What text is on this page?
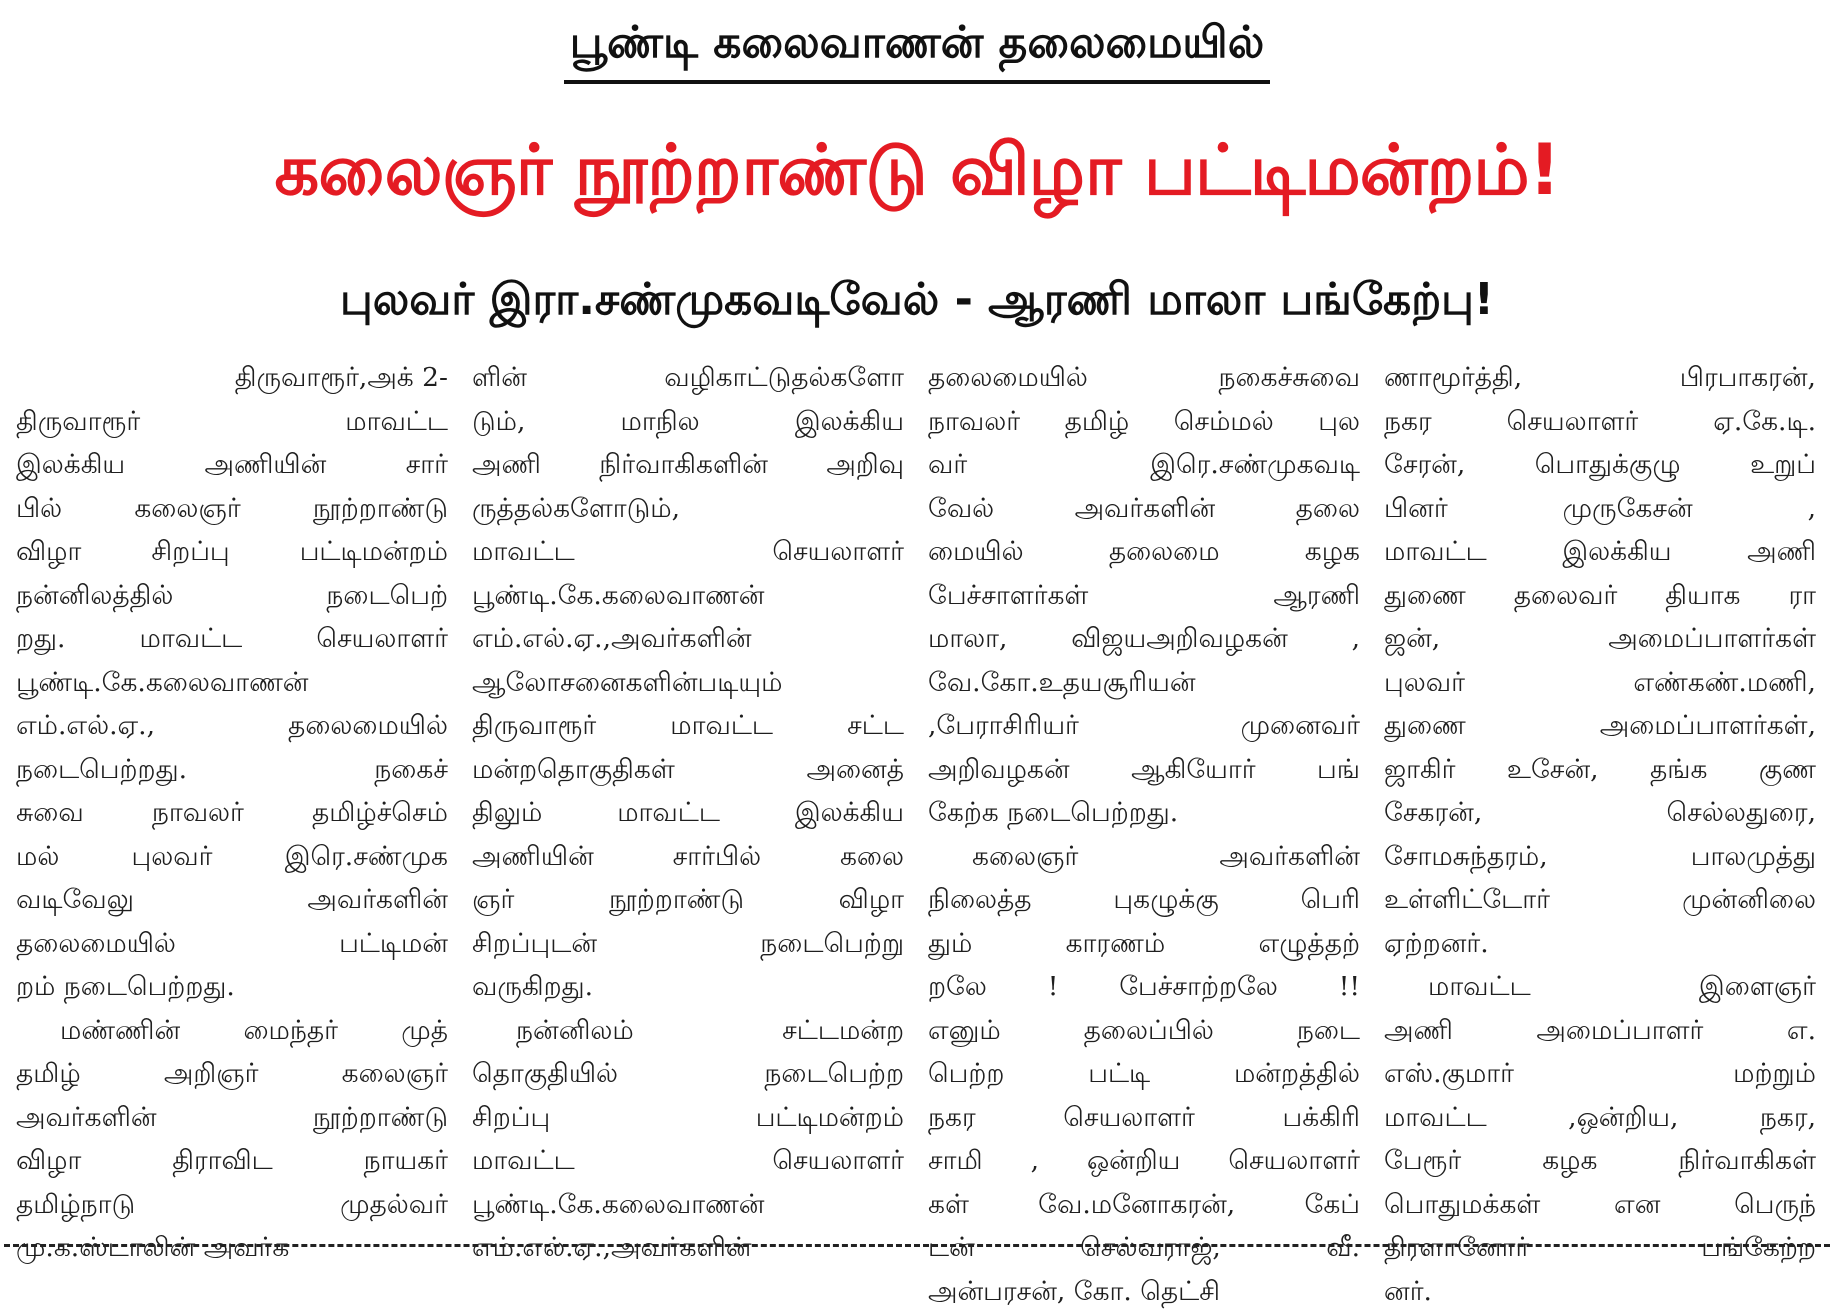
பூண்டி கலைவாணன் தலைமையில்
கலைஞர் நூற்றாண்டு விழா பட்டிமன்றம்!
புலவர் இரா.சண்முகவடிவேல் - ஆரணி மாலா பங்கேற்பு!
திருவாரூர்,அக் 2-
திருவாரூர் மாவட்ட
இலக்கிய அணியின் சார்
பில் கலைஞர் நூற்றாண்டு
விழா சிறப்பு பட்டிமன்றம்
நன்னிலத்தில் நடைபெற்
றது. மாவட்ட செயலாளர்
பூண்டி.கே.கலைவாணன்
எம்.எல்.ஏ., தலைமையில்
நடைபெற்றது. நகைச்
சுவை நாவலர் தமிழ்ச்செம்
மல் புலவர் இரெ.சண்முக
வடிவேலு அவர்களின்
தலைமையில் பட்டிமன்
றம் நடைபெற்றது.
மண்ணின் மைந்தர் முத்
தமிழ் அறிஞர் கலைஞர்
அவர்களின் நூற்றாண்டு
விழா திராவிட நாயகர்
தமிழ்நாடு முதல்வர்
மு.க.ஸ்டாலின் அவர்க
ளின் வழிகாட்டுதல்களோ
டும், மாநில இலக்கிய
அணி நிர்வாகிகளின் அறிவு
ருத்தல்களோடும்,
மாவட்ட செயலாளர்
பூண்டி.கே.கலைவாணன்
எம்.எல்.ஏ.,அவர்களின்
ஆலோசனைகளின்படியும்
திருவாரூர் மாவட்ட சட்ட
மன்றதொகுதிகள் அனைத்
திலும் மாவட்ட இலக்கிய
அணியின் சார்பில் கலை
ஞர் நூற்றாண்டு விழா
சிறப்புடன் நடைபெற்று
வருகிறது.
நன்னிலம் சட்டமன்ற
தொகுதியில் நடைபெற்ற
சிறப்பு பட்டிமன்றம்
மாவட்ட செயலாளர்
பூண்டி.கே.கலைவாணன்
எம்.எல்.ஏ.,அவர்களின்
தலைமையில் நகைச்சுவை
நாவலர் தமிழ் செம்மல் புல
வர் இரெ.சண்முகவடி
வேல் அவர்களின் தலை
மையில் தலைமை கழக
பேச்சாளர்கள் ஆரணி
மாலா, விஜயஅறிவழகன் ,
வே.கோ.உதயசூரியன்
,பேராசிரியர் முனைவர்
அறிவழகன் ஆகியோர் பங்
கேற்க நடைபெற்றது.
கலைஞர் அவர்களின்
நிலைத்த புகழுக்கு பெரி
தும் காரணம் எழுத்தற்
றலே ! பேச்சாற்றலே !!
எனும் தலைப்பில் நடை
பெற்ற பட்டி மன்றத்தில்
நகர செயலாளர் பக்கிரி
சாமி , ஒன்றிய செயலாளர்
கள் வே.மனோகரன், கேப்
டன் செல்வராஜ், வீ.
அன்பரசன், கோ. தெட்சி
ணாமூர்த்தி, பிரபாகரன்,
நகர செயலாளர் ஏ.கே.டி.
சேரன், பொதுக்குழு உறுப்
பினர் முருகேசன் ,
மாவட்ட இலக்கிய அணி
துணை தலைவர் தியாக ரா
ஜன், அமைப்பாளர்கள்
புலவர் எண்கண்.மணி,
துணை அமைப்பாளர்கள்,
ஜாகிர் உசேன், தங்க குண
சேகரன், செல்லதுரை,
சோமசுந்தரம், பாலமுத்து
உள்ளிட்டோர் முன்னிலை
ஏற்றனர்.
மாவட்ட இளைஞர்
அணி அமைப்பாளர் எ.
எஸ்.குமார் மற்றும்
மாவட்ட ,ஒன்றிய, நகர,
பேரூர் கழக நிர்வாகிகள்
பொதுமக்கள் என பெருந்
திரளானோர் பங்கேற்ற
னர்.
